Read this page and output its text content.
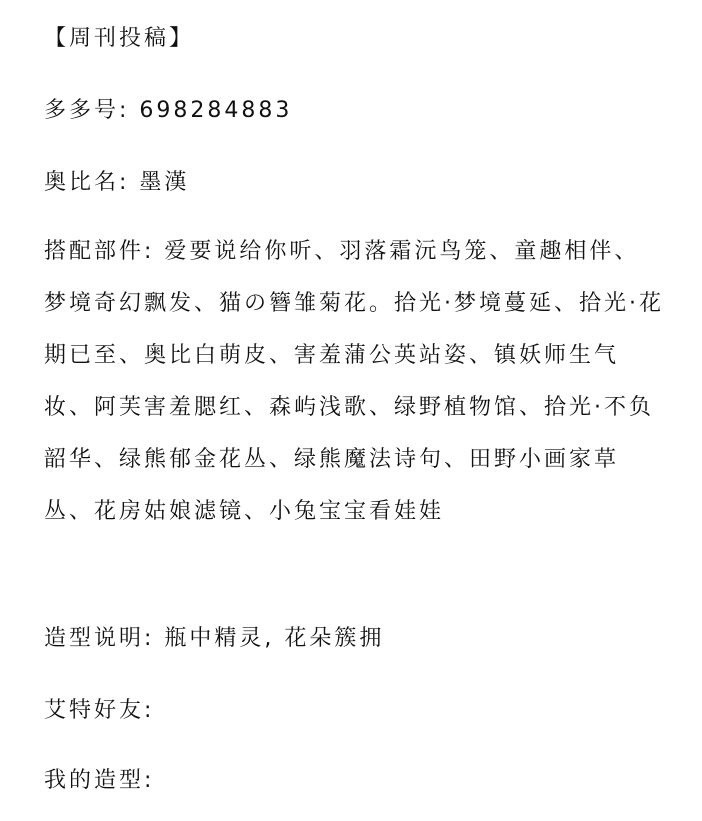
【周刊投稿】
多多号: 698284883
奥比名: 墨漢
搭配部件: 爱要说给你听、羽落霜沅鸟笼、童趣相伴、梦境奇幻飘发、猫の簪雏菊花。拾光·梦境蔓延、拾光·花期已至、奥比白萌皮、害羞蒲公英站姿、镇妖师生气妆、阿芙害羞腮红、森屿浅歌、绿野植物馆、拾光·不负韶华、绿熊郁金花丛、绿熊魔法诗句、田野小画家草丛、花房姑娘滤镜、小兔宝宝看娃娃
造型说明: 瓶中精灵, 花朵簇拥
艾特好友:
我的造型:
